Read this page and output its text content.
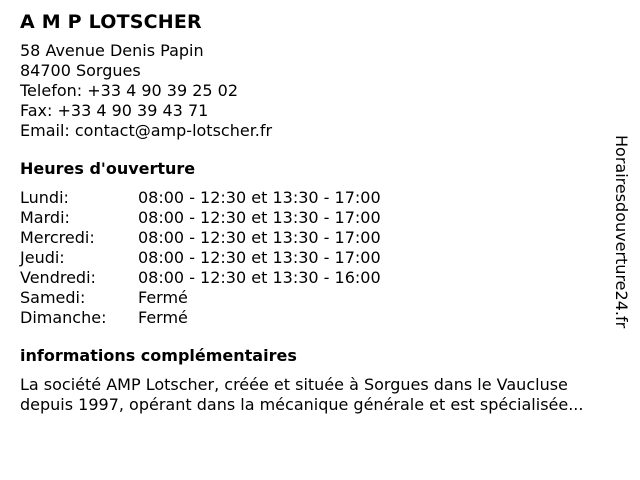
A M P LOTSCHER
58 Avenue Denis Papin
84700 Sorgues
Telefon: +33 4 90 39 25 02
Fax: +33 4 90 39 43 71
Email: contact@amp-lotscher.fr
Heures d'ouverture
Lundi:	08:00 - 12:30 et 13:30 - 17:00
Mardi:	08:00 - 12:30 et 13:30 - 17:00
Mercredi:	08:00 - 12:30 et 13:30 - 17:00
Jeudi:	08:00 - 12:30 et 13:30 - 17:00
Vendredi:	08:00 - 12:30 et 13:30 - 16:00
Samedi:	Fermé
Dimanche:	Fermé
informations complémentaires
La société AMP Lotscher, créée et située à Sorgues dans le Vaucluse
depuis 1997, opérant dans la mécanique générale et est spécialisée...
Horairesdouverture24.fr
